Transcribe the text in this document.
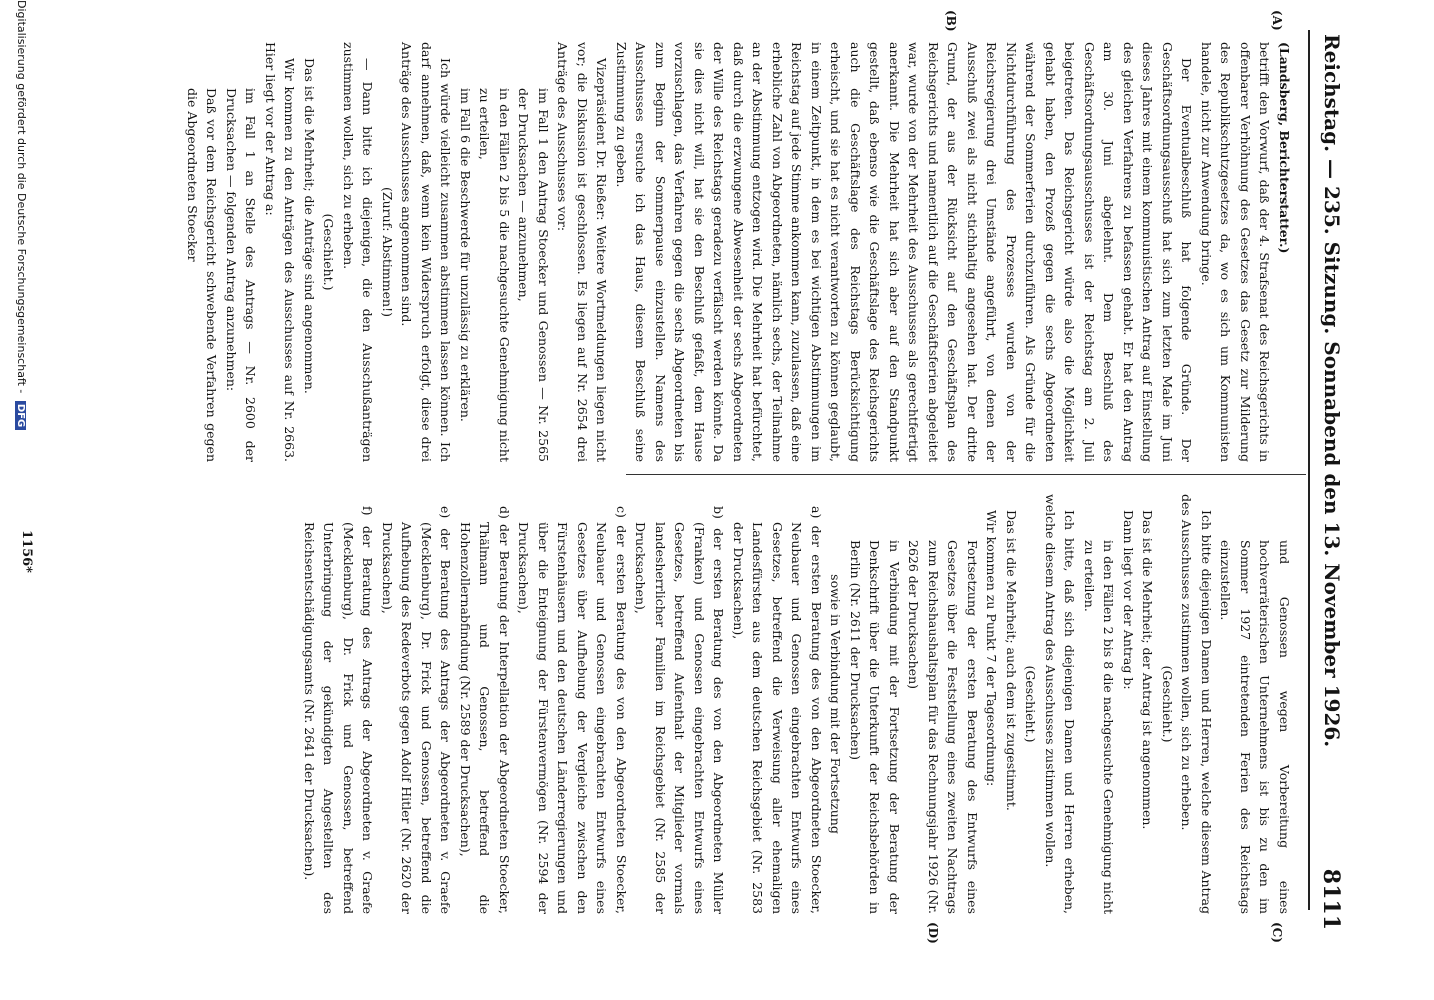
Reichstag. — 235. Sitzung. Sonnabend den 13. November 1926.
8111
(A)
(B)
(C)
(D)

(Landsberg, Berichterstatter.)

betrifft den Vorwurf, daß der 4. Strafsenat des Reichsgerichts in offenbarer Verhöhnung des Gesetzes das Gesetz zur Milderung des Republikschutzgesetzes da, wo es sich um Kommunisten handele, nicht zur Anwendung bringe.

Der Eventualbeschluß hat folgende Gründe. Der Geschäftsordnungsausschuß hat sich zum letzten Male im Juni dieses Jahres mit einem kommunistischen Antrag auf Einstellung des gleichen Verfahrens zu befassen gehabt. Er hat den Antrag am 30. Juni abgelehnt. Dem Beschluß des Geschäftsordnungsausschusses ist der Reichstag am 2. Juli beigetreten. Das Reichsgericht würde also die Möglichkeit gehabt haben, den Prozeß gegen die sechs Abgeordneten während der Sommerferien durchzuführen. Als Gründe für die Nichtdurchführung des Prozesses wurden von der Reichsregierung drei Umstände angeführt, von denen der Ausschuß zwei als nicht stichhaltig angesehen hat. Der dritte Grund, der aus der Rücksicht auf den Geschäftsplan des Reichsgerichts und namentlich auf die Geschäftsferien abgeleitet war, wurde von der Mehrheit des Ausschusses als gerechtfertigt anerkannt. Die Mehrheit hat sich aber auf den Standpunkt gestellt, daß ebenso wie die Geschäftslage des Reichsgerichts auch die Geschäftslage des Reichstags Berücksichtigung erheischt, und sie hat es nicht verantworten zu können geglaubt, in einem Zeitpunkt, in dem es bei wichtigen Abstimmungen im Reichstag auf jede Stimme ankommen kann, zuzulassen, daß eine erhebliche Zahl von Abgeordneten, nämlich sechs, der Teilnahme an der Abstimmung entzogen wird. Die Mehrheit hat befürchtet, daß durch die erzwungene Abwesenheit der sechs Abgeordneten der Wille des Reichstags geradezu verfälscht werden könnte. Da sie dies nicht will, hat sie den Beschluß gefaßt, dem Hause vorzuschlagen, das Verfahren gegen die sechs Abgeordneten bis zum Beginn der Sommerpause einzustellen. Namens des Ausschusses ersuche ich das Haus, diesem Beschluß seine Zustimmung zu geben.

Vizepräsident Dr. Rießer: Weitere Wortmeldungen liegen nicht vor; die Diskussion ist geschlossen. Es liegen auf Nr. 2654 drei Anträge des Ausschusses vor:

im Fall 1 den Antrag Stoecker und Genossen — Nr. 2565 der Drucksachen — anzunehmen,

in den Fällen 2 bis 5 die nachgesuchte Genehmigung nicht zu erteilen,

im Fall 6 die Beschwerde für unzulässig zu erklären.

Ich würde vielleicht zusammen abstimmen lassen können. Ich darf annehmen, daß, wenn kein Widerspruch erfolgt, diese drei Anträge des Ausschusses angenommen sind.

(Zuruf: Abstimmen!)

— Dann bitte ich diejenigen, die den Ausschußanträgen zustimmen wollen, sich zu erheben.

(Geschieht.)

Das ist die Mehrheit; die Anträge sind angenommen.

Wir kommen zu den Anträgen des Ausschusses auf Nr. 2663. Hier liegt vor der Antrag a:

im Fall 1 an Stelle des Antrags — Nr. 2600 der Drucksachen — folgenden Antrag anzunehmen:

Daß vor dem Reichsgericht schwebende Verfahren gegen die Abgeordneten Stoecker

und Genossen wegen Vorbereitung eines hochverräterischen Unternehmens ist bis zu den im Sommer 1927 eintretenden Ferien des Reichstags einzustellen.

Ich bitte diejenigen Damen und Herren, welche diesem Antrag des Ausschusses zustimmen wollen, sich zu erheben.

(Geschieht.)

Das ist die Mehrheit; der Antrag ist angenommen.

Dann liegt vor der Antrag b:

in den Fällen 2 bis 8 die nachgesuchte Genehmigung nicht zu erteilen.

Ich bitte, daß sich diejenigen Damen und Herren erheben, welche diesem Antrag des Ausschusses zustimmen wollen.

(Geschieht.)

Das ist die Mehrheit; auch dem ist zugestimmt.

Wir kommen zu Punkt 7 der Tagesordnung:

Fortsetzung der ersten Beratung des Entwurfs eines Gesetzes über die Feststellung eines zweiten Nachtrags zum Reichshaushaltsplan für das Rechnungsjahr 1926 (Nr. 2626 der Drucksachen)

in Verbindung mit der Fortsetzung der Beratung der Denkschrift über die Unterkunft der Reichsbehörden in Berlin (Nr. 2611 der Drucksachen)

sowie in Verbindung mit der Fortsetzung

a) der ersten Beratung des von den Abgeordneten Stoecker, Neubauer und Genossen eingebrachten Entwurfs eines Gesetzes, betreffend die Verweisung aller ehemaligen Landesfürsten aus dem deutschen Reichsgebiet (Nr. 2583 der Drucksachen),

b) der ersten Beratung des von den Abgeordneten Müller (Franken) und Genossen eingebrachten Entwurfs eines Gesetzes, betreffend Aufenthalt der Mitglieder vormals landesherrlicher Familien im Reichsgebiet (Nr. 2585 der Drucksachen),

c) der ersten Beratung des von den Abgeordneten Stoecker, Neubauer und Genossen eingebrachten Entwurfs eines Gesetzes über Aufhebung der Vergleiche zwischen den Fürstenhäusern und den deutschen Länderregierungen und über die Enteignung der Fürstenvermögen (Nr. 2594 der Drucksachen),

d) der Beratung der Interpellation der Abgeordneten Stoecker, Thälmann und Genossen, betreffend die Hohenzollernabfindung (Nr. 2589 der Drucksachen),

e) der Beratung des Antrags der Abgeordneten v. Graefe (Mecklenburg), Dr. Frick und Genossen, betreffend die Aufhebung des Redeverbots gegen Adolf Hitler (Nr. 2620 der Drucksachen),

f) der Beratung des Antrags der Abgeordneten v. Graefe (Mecklenburg), Dr. Frick und Genossen, betreffend Unterbringung der gekündigten Angestellten des Reichsentschädigungsamts (Nr. 2641 der Drucksachen).

1156*
Digitalisierung gefördert durch die Deutsche Forschungsgemeinschaft - DFG
